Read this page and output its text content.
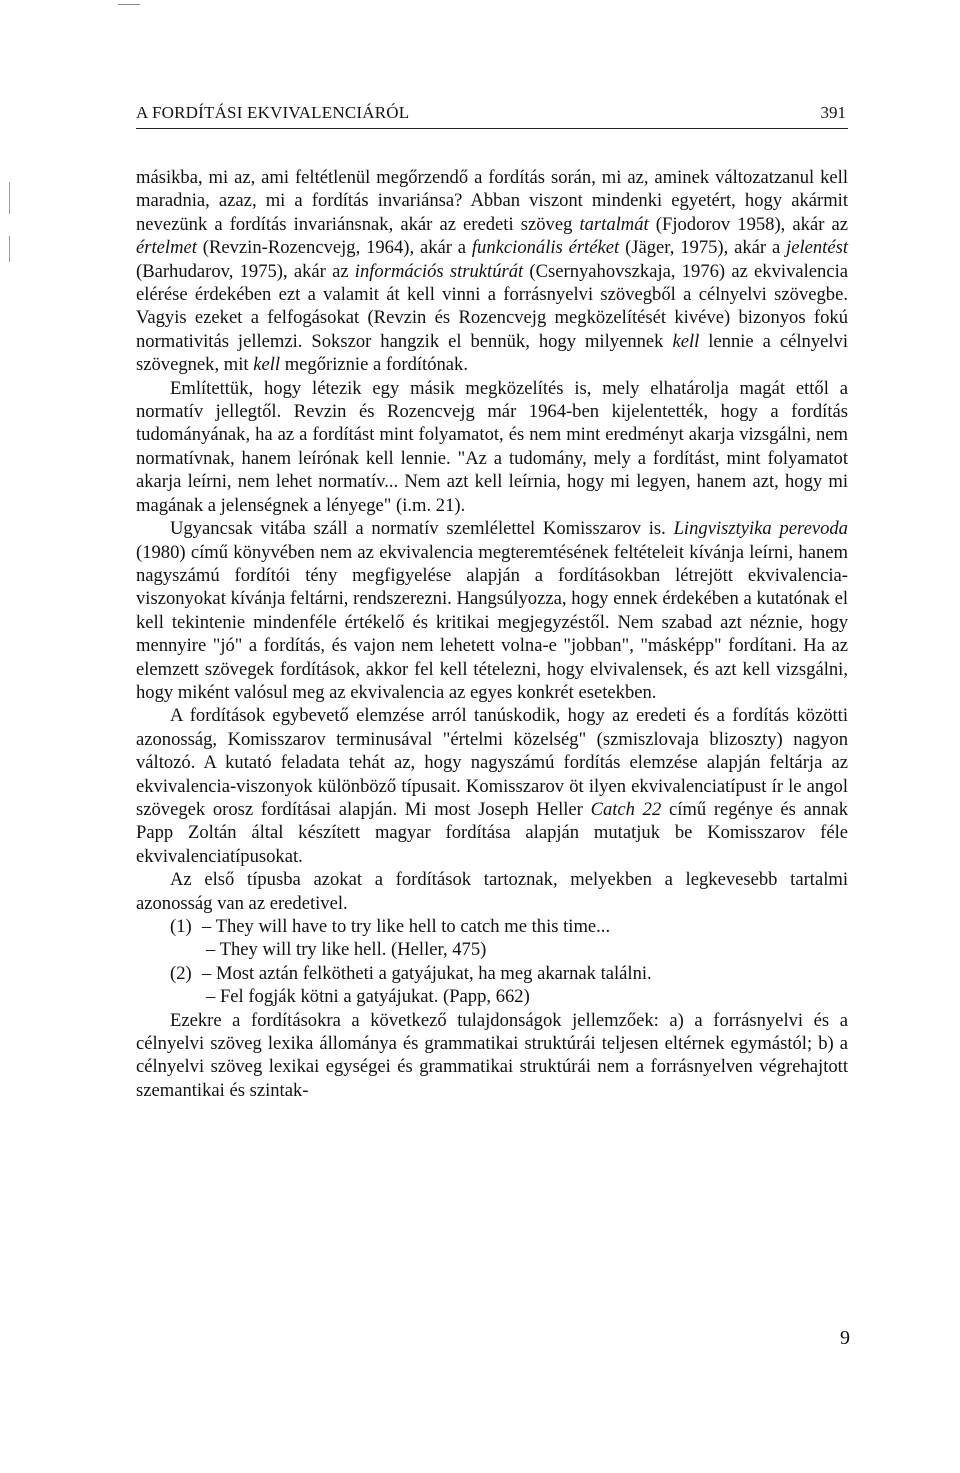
A FORDÍTÁSI EKVIVALENCIÁRÓL	391

másikba, mi az, ami feltétlenül megőrzendő a fordítás során, mi az, aminek változatzanul kell maradnia, azaz, mi a fordítás invariánsa? Abban viszont mindenki egyetért, hogy akármit nevezünk a fordítás invariánsnak, akár az eredeti szöveg tartalmát (Fjodorov 1958), akár az értelmet (Revzin-Rozencvejg, 1964), akár a funkcionális értéket (Jäger, 1975), akár a jelentést (Barhudarov, 1975), akár az információs struktúrát (Csernyahovszkaja, 1976) az ekvivalencia elérése érdekében ezt a valamit át kell vinni a forrásnyelvi szövegből a célnyelvi szövegbe. Vagyis ezeket a felfogásokat (Revzin és Rozencvejg megközelítését kivéve) bizonyos fokú normativitás jellemzi. Sokszor hangzik el bennük, hogy milyennek kell lennie a célnyelvi szövegnek, mit kell megőriznie a fordítónak.

Említettük, hogy létezik egy másik megközelítés is, mely elhatárolja magát ettől a normatív jellegtől. Revzin és Rozencvejg már 1964-ben kijelentették, hogy a fordítás tudományának, ha az a fordítást mint folyamatot, és nem mint eredményt akarja vizsgálni, nem normatívnak, hanem leírónak kell lennie. "Az a tudomány, mely a fordítást, mint folyamatot akarja leírni, nem lehet normatív... Nem azt kell leírnia, hogy mi legyen, hanem azt, hogy mi magának a jelenségnek a lényege" (i.m. 21).

Ugyancsak vitába száll a normatív szemlélettel Komisszarov is. Lingvisztyika perevoda (1980) című könyvében nem az ekvivalencia megteremtésének feltételeit kívánja leírni, hanem nagyszámú fordítói tény megfigyelése alapján a fordításokban létrejött ekvivalencia-viszonyokat kívánja feltárni, rendszerezni. Hangsúlyozza, hogy ennek érdekében a kutatónak el kell tekintenie mindenféle értékelő és kritikai megjegyzéstől. Nem szabad azt néznie, hogy mennyire "jó" a fordítás, és vajon nem lehetett volna-e "jobban", "másképp" fordítani. Ha az elemzett szövegek fordítások, akkor fel kell tételezni, hogy elvivalensek, és azt kell vizsgálni, hogy miként valósul meg az ekvivalencia az egyes konkrét esetekben.

A fordítások egybevető elemzése arról tanúskodik, hogy az eredeti és a fordítás közötti azonosság, Komisszarov terminusával "értelmi közelség" (szmiszlovaja blizoszty) nagyon változó. A kutató feladata tehát az, hogy nagyszámú fordítás elemzése alapján feltárja az ekvivalencia-viszonyok különböző típusait. Komisszarov öt ilyen ekvivalenciatípust ír le angol szövegek orosz fordításai alapján. Mi most Joseph Heller Catch 22 című regénye és annak Papp Zoltán által készített magyar fordítása alapján mutatjuk be Komisszarov féle ekvivalenciatípusokat.

Az első típusba azokat a fordítások tartoznak, melyekben a legkevesebb tartalmi azonosság van az eredetivel.

(1) – They will have to try like hell to catch me this time...
– They will try like hell. (Heller, 475)
(2) – Most aztán felkötheti a gatyájukat, ha meg akarnak találni.
– Fel fogják kötni a gatyájukat. (Papp, 662)

Ezekre a fordításokra a következő tulajdonságok jellemzőek: a) a forrásnyelvi és a célnyelvi szöveg lexika állománya és grammatikai struktúrái teljesen eltérnek egymástól; b) a célnyelvi szöveg lexikai egységei és grammatikai struktúrái nem a forrásnyelven végrehajtott szemantikai és szintak-

9
